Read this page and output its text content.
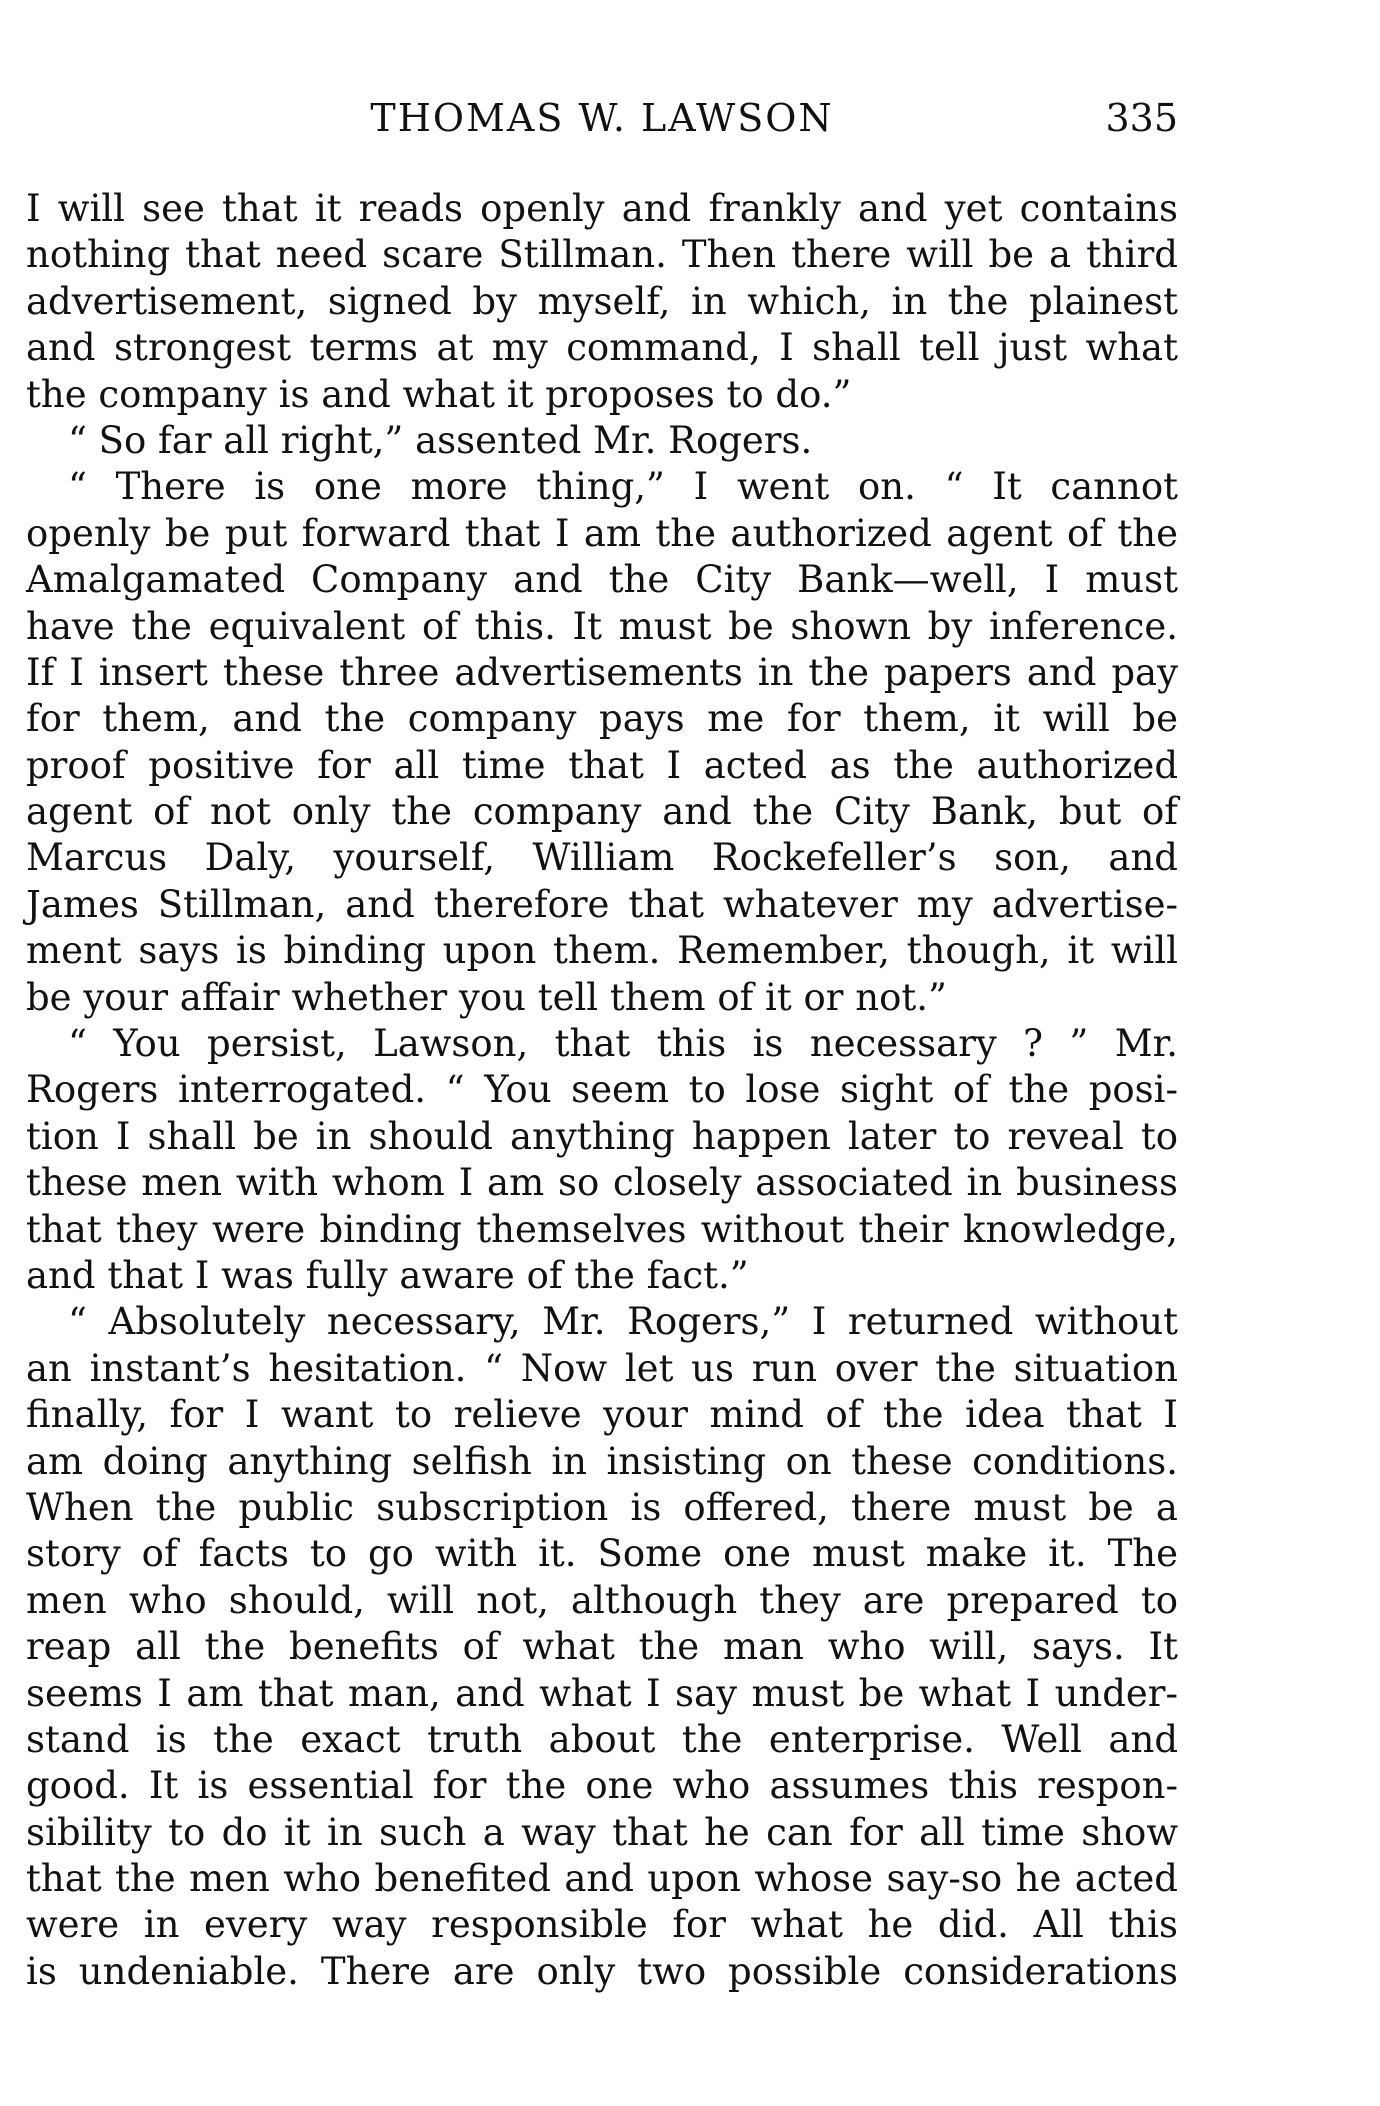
THOMAS W. LAWSON	335
I will see that it reads openly and frankly and yet contains
nothing that need scare Stillman. Then there will be a third
advertisement, signed by myself, in which, in the plainest
and strongest terms at my command, I shall tell just what
the company is and what it proposes to do.”
“ So far all right,” assented Mr. Rogers.
“ There is one more thing,” I went on. “ It cannot
openly be put forward that I am the authorized agent of the
Amalgamated Company and the City Bank—well, I must
have the equivalent of this. It must be shown by inference.
If I insert these three advertisements in the papers and pay
for them, and the company pays me for them, it will be
proof positive for all time that I acted as the authorized
agent of not only the company and the City Bank, but of
Marcus Daly, yourself, William Rockefeller’s son, and
James Stillman, and therefore that whatever my advertise-
ment says is binding upon them. Remember, though, it will
be your affair whether you tell them of it or not.”
“ You persist, Lawson, that this is necessary ? ” Mr.
Rogers interrogated. “ You seem to lose sight of the posi-
tion I shall be in should anything happen later to reveal to
these men with whom I am so closely associated in business
that they were binding themselves without their knowledge,
and that I was fully aware of the fact.”
“ Absolutely necessary, Mr. Rogers,” I returned without
an instant’s hesitation. “ Now let us run over the situation
finally, for I want to relieve your mind of the idea that I
am doing anything selfish in insisting on these conditions.
When the public subscription is offered, there must be a
story of facts to go with it. Some one must make it. The
men who should, will not, although they are prepared to
reap all the benefits of what the man who will, says. It
seems I am that man, and what I say must be what I under-
stand is the exact truth about the enterprise. Well and
good. It is essential for the one who assumes this respon-
sibility to do it in such a way that he can for all time show
that the men who benefited and upon whose say-so he acted
were in every way responsible for what he did. All this
is undeniable. There are only two possible considerations
